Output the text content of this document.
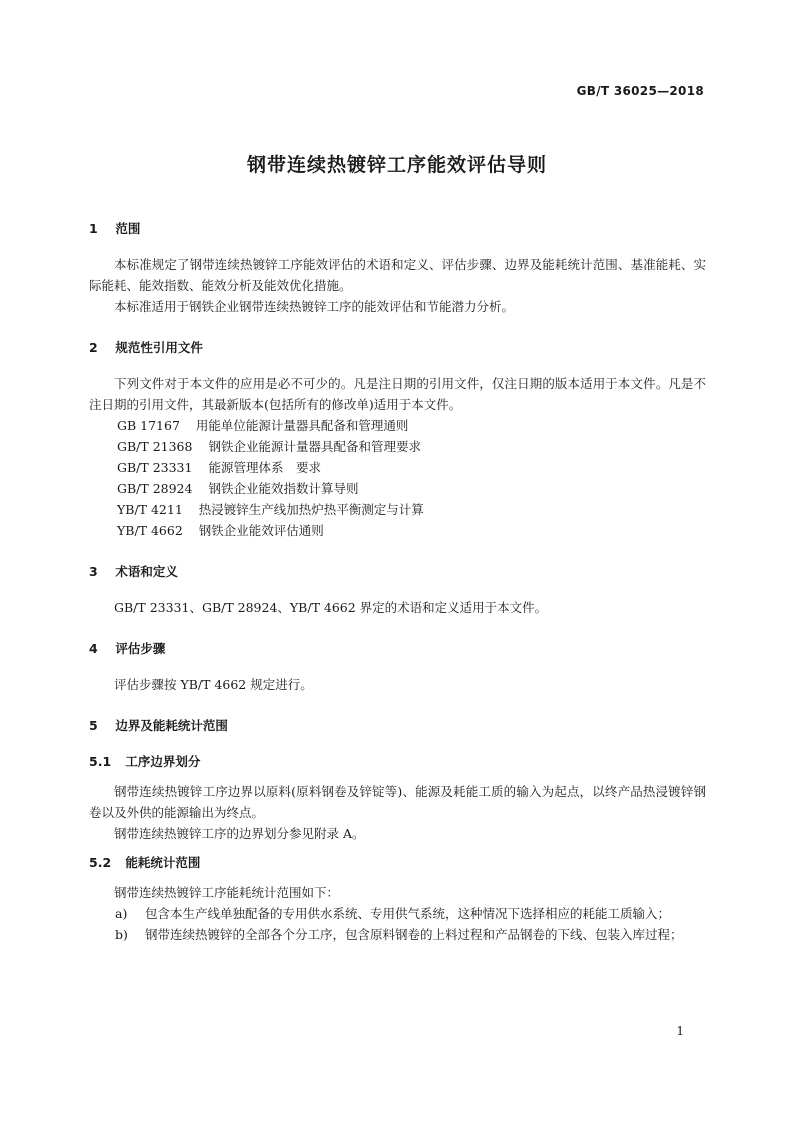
GB/T 36025—2018
钢带连续热镀锌工序能效评估导则
1 范围

本标准规定了钢带连续热镀锌工序能效评估的术语和定义、评估步骤、边界及能耗统计范围、基准能耗、实际能耗、能效指数、能效分析及能效优化措施。

本标准适用于钢铁企业钢带连续热镀锌工序的能效评估和节能潜力分析。

2 规范性引用文件

下列文件对于本文件的应用是必不可少的。凡是注日期的引用文件，仅注日期的版本适用于本文件。凡是不注日期的引用文件，其最新版本(包括所有的修改单)适用于本文件。

GB 17167 用能单位能源计量器具配备和管理通则
GB/T 21368 钢铁企业能源计量器具配备和管理要求
GB/T 23331 能源管理体系　要求
GB/T 28924 钢铁企业能效指数计算导则
YB/T 4211 热浸镀锌生产线加热炉热平衡测定与计算
YB/T 4662 钢铁企业能效评估通则
3 术语和定义

GB/T 23331、GB/T 28924、YB/T 4662 界定的术语和定义适用于本文件。

4 评估步骤

评估步骤按 YB/T 4662 规定进行。

5 边界及能耗统计范围
5.1 工序边界划分

钢带连续热镀锌工序边界以原料(原料钢卷及锌锭等)、能源及耗能工质的输入为起点，以终产品热浸镀锌钢卷以及外供的能源输出为终点。

钢带连续热镀锌工序的边界划分参见附录 A。

5.2 能耗统计范围

钢带连续热镀锌工序能耗统计范围如下：

a)	包含本生产线单独配备的专用供水系统、专用供气系统，这种情况下选择相应的耗能工质输入；
b)	钢带连续热镀锌的全部各个分工序，包含原料钢卷的上料过程和产品钢卷的下线、包装入库过程；
1
